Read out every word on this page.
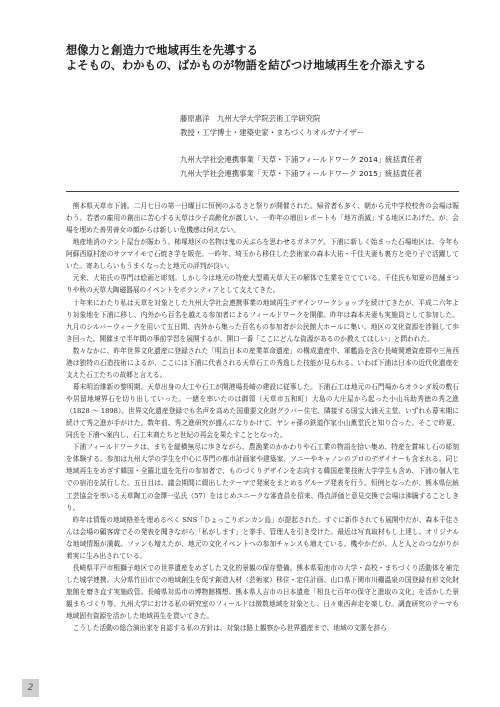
想像力と創造力で地域再生を先導する
よそもの、わかもの、ばかものが物語を結びつけ地域再生を介添えする
藤原惠洋　九州大学大学院芸術工学研究院
教授・工学博士・建築史家・まちづくりオルガナイザー
九州大学社会連携事業「天草・下浦フィールドワーク 2014」統括責任者
九州大学社会連携事業「天草・下浦フィールドワーク 2015」統括責任者

熊本県天草市下浦。二月七日の第一日曜日に恒例のふるさと祭りが開催された。帰省者も多く、朝から元中学校校舎の会場は賑わう。若者の雇用の創出に苦心する天草は少子高齢化が激しい。一昨年の増田レポートも「地方消滅」する地区にあげた。が、会場を埋めた善男善女の顔からは新しい危機感は伺えない。

地産地消のテント屋台が賑わう。柿塚地区の名物は鬼の天ぷらを思わせるガネアゲ。下浦に新しく始まった石場地区は、今年も阿蘇西原村産のサツマイモで石焼き芋を販売。一昨年、埼玉から移住した芸術家の森本大祐・千佳夫妻も裏方と売り子で活躍していた。寄あしらいもうまくなったと地元の評判が良い。

元来、大祐氏の専門は絵画と彫刻。しかし今は地元の特産大型鶏天草大王の解体で生業を立てている。千佳氏も知夏の邑舗まつりや秋の天草大陶磁器展のイベントをボランティアとして支えてきた。

十年来にわたり私は天草を対象とした九州大学社会連携事業の地域再生デザインワークショップを続けてきたが、平成二六年より対象地を下浦に移し、内外から百名を越える参加者によるフィールドワークを開催。昨年は森本夫妻も実施員として参加した。九月のシルバーウィークを用いて五日間、内外から集った百名もの参加者が公民館大ホールに集い、地区の文化資源を涉猟して歩き回った。開催まで半年間の事前学習を展開するが、開口一番「ここにどんな資源があるのか教えてほしい」と問われた。

数々なかに、昨年世界文化遺産に登録された「明治日本の産業革命遺産」の構成遺産中、軍艦島を含む長崎関連資産群や三角西港は独特の石造技術によるが、ここには下浦に代表される天草石工の秀逸した技能が見られる。いわば下浦は日本の近代化遺産を支えた石工たちの故郷と言える。

幕末明治維新の黎明期、天草出身の大工や石工が開港場長崎の建設に従事した。下浦石工は地元の石門場からオランダ坂の敷石や居留地境界石を切り出していった。一緒を率いたのは御領（天草市五和町）大島の大庄屋から起った小山兵助秀徳の秀之進（1828 ～ 1898）。世界文化遺産登録でも名声を高めた国重要文化財グラバー住宅、隣接する国宝大浦天主堂、いずれも幕末期に続けて秀之進が手がけた。数年前、秀之進研究が盛んになりかけて、ヤシャ孫の鉄道作家小山薫堂氏と知り合った。そこで昨夏、同氏を下浦へ案内し、石工末裔たちと世紀の再会を果たすこととなった。

下浦フィールドワークは、まちを縦横無尽に歩きながら、農漁業のかかわりや石工業の物語を拾い集め、特産を賞味し石の彫刻を体験する。参加は九州大学の学生を中心に専門の都市計画家や建築家、ソニーやキャノンのプロのデザイナーも含まれる。同じ地域再生をめざす韓国・全羅北道を先行の参加者で、ものづくりデザインを志向する韓国産業技術大学学生も含め、下浦の個人宅での宿泊を試行した。五日目は、議会期間に綴出したテーマで発案をまとめるグループ発表を行う。恒例となったが、熊本県伝統工芸協会を率いる天草陶工の金澤一弘氏（57）をはじめユニークな審査員を招来、得点評価と意見交換で会場は沸騰することしきり。

昨年は情報の地域格差を埋めるべく SNS「ひょっこりポンカン島」が提起された。すぐに新作されても展開中だが、森本千佳さんは会場の顧客席でその発表を聞きながら「私がします」と挙手、管理人を引き受けた。最近は写真取材もし上達し、オリジナルな地域情報が満載。ファンも増えたが、地元の文化イベントへの参加チャンスも増えている。機やかだが、人と人とのつながりが着実に生み出されている。

長崎県平戸市根獅子地区での世界遺産をめざした文化的景観の保存整備。熊本県菊池市の大学・高校・まちづくり活動体を補完した城学連携。大分県竹田市での地域創生を促す創造人材（芸術家）移住・定住計画、山口県下関市川棚温泉の国登録有形文化財旅館を磨き直す実施政管。長崎県対馬市の博物館構想、熊本県人吉市の日本遺産「相良七百年の保守と進取の文化」を活かした景観まちづくり等。九州大学における私の研究室のフィールドは徴数地域を対象とし、日々東西奔走を楽しむ。調査研究のテーマも地域固有資源を活かした地域再生を貫いてきた。

こうした活動の総合演出家を自認する私の方針は、対象は路上観察から世界遺産まで、地域の文脈を辞ら

2
